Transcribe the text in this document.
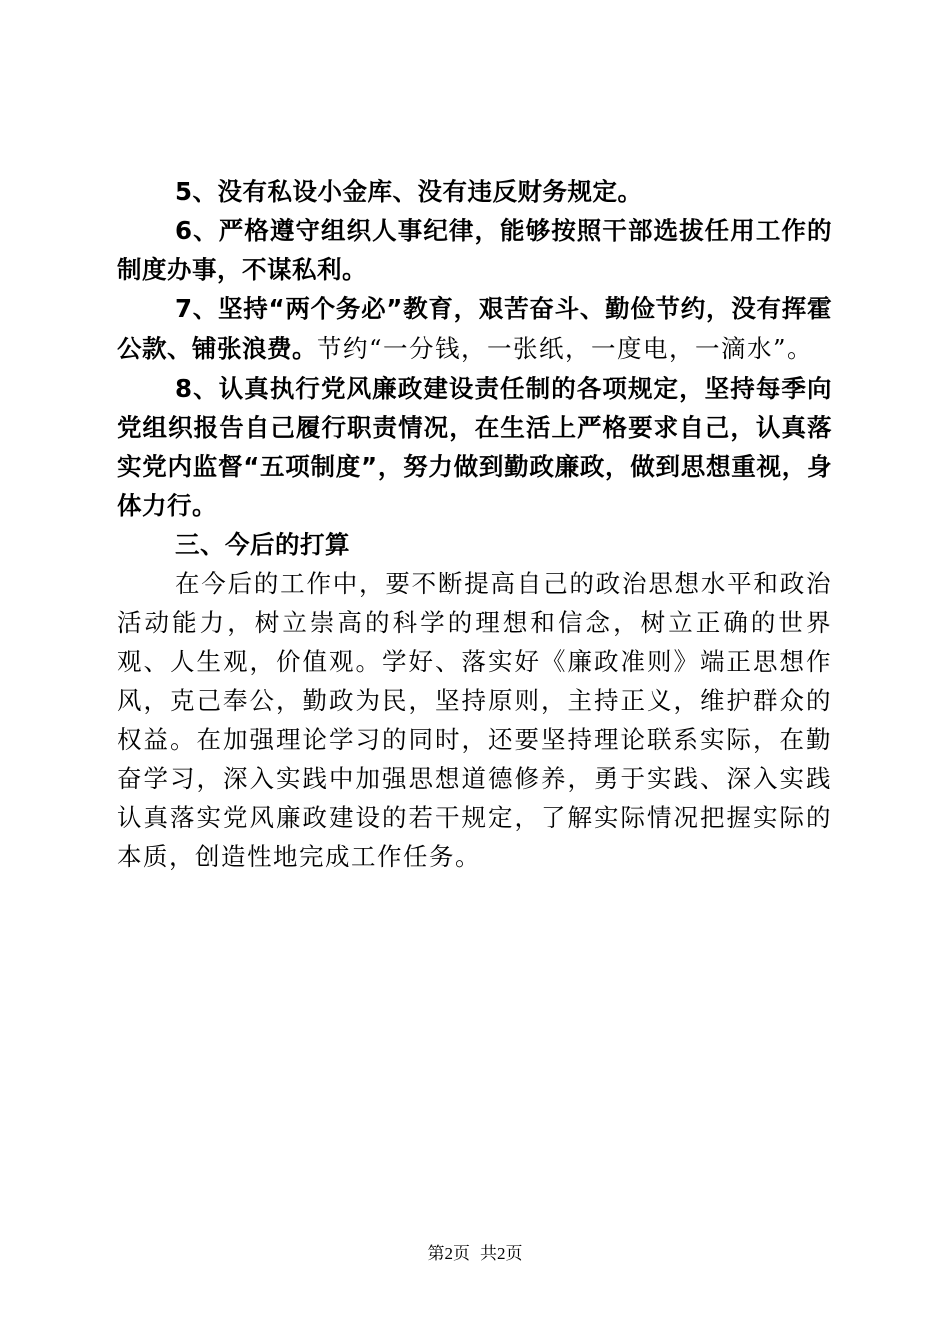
5、没有私设小金库、没有违反财务规定。

6、严格遵守组织人事纪律，能够按照干部选拔任用工作的制度办事，不谋私利。

7、坚持“两个务必”教育，艰苦奋斗、勤俭节约，没有挥霍公款、铺张浪费。节约“一分钱，一张纸，一度电，一滴水”。

8、认真执行党风廉政建设责任制的各项规定，坚持每季向党组织报告自己履行职责情况，在生活上严格要求自己，认真落实党内监督“五项制度”，努力做到勤政廉政，做到思想重视，身体力行。

三、今后的打算

在今后的工作中，要不断提高自己的政治思想水平和政治活动能力，树立崇高的科学的理想和信念，树立正确的世界观、人生观，价值观。学好、落实好《廉政准则》端正思想作风，克己奉公，勤政为民，坚持原则，主持正义，维护群众的权益。在加强理论学习的同时，还要坚持理论联系实际，在勤奋学习，深入实践中加强思想道德修养，勇于实践、深入实践认真落实党风廉政建设的若干规定，了解实际情况把握实际的本质，创造性地完成工作任务。

第2页 共2页
